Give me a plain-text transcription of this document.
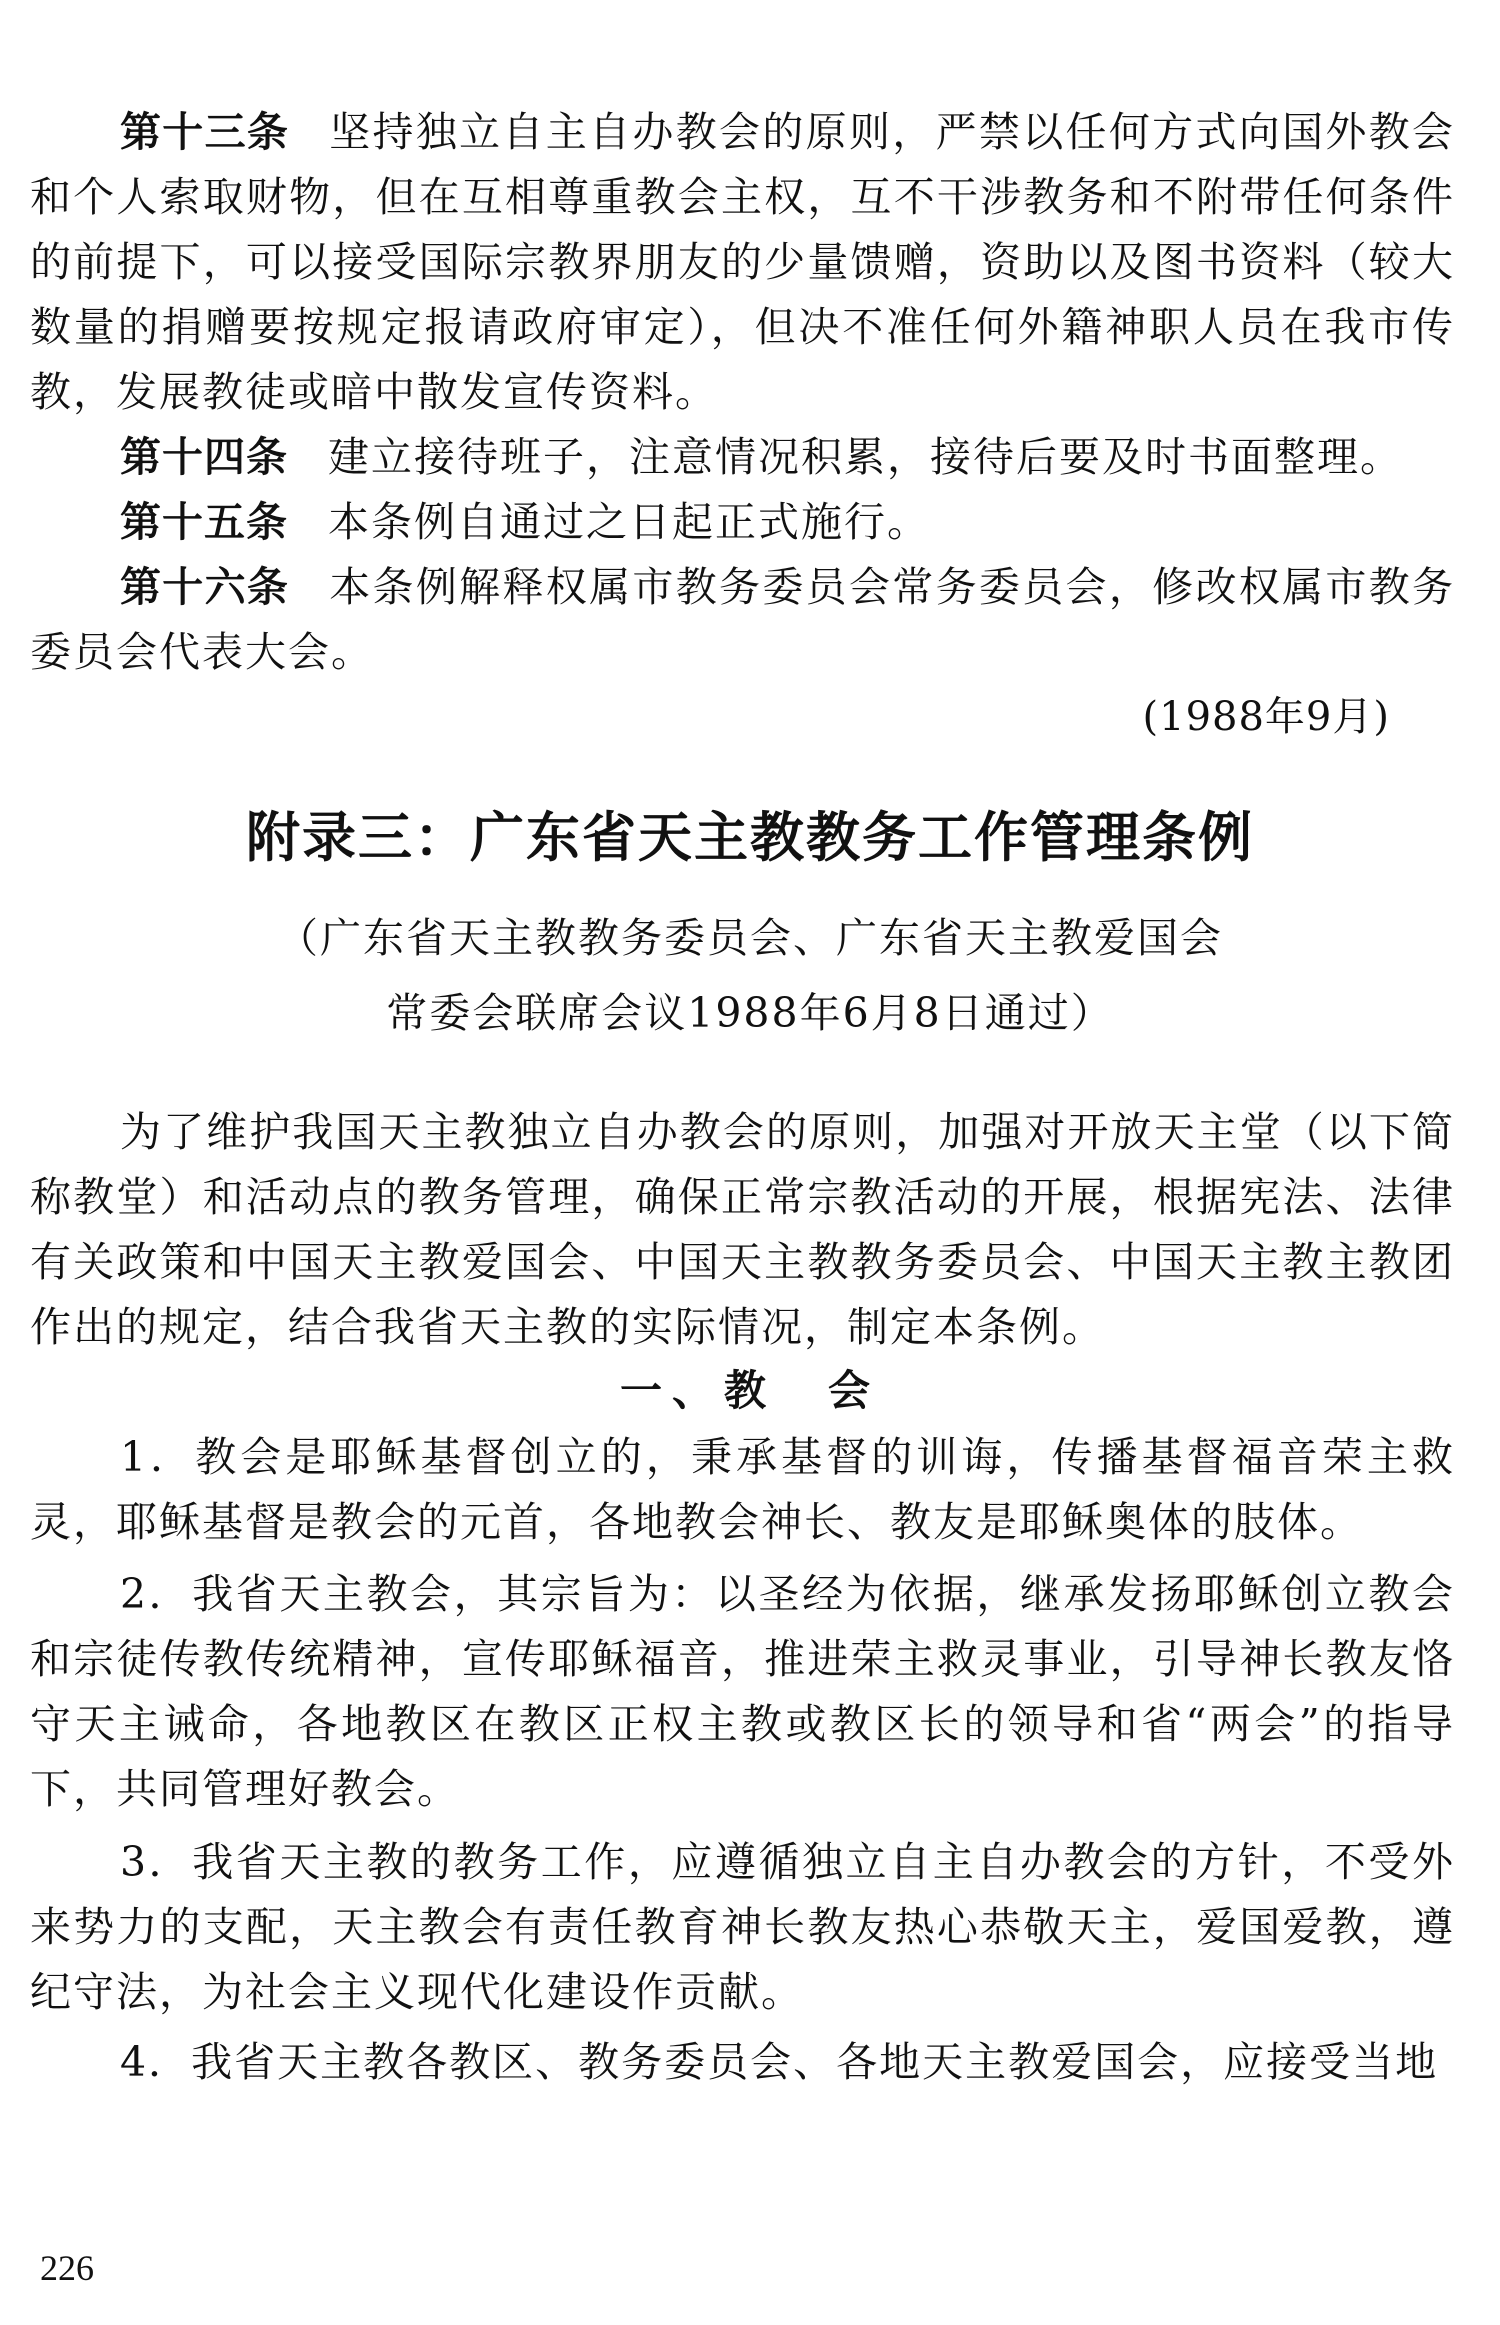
第十三条 坚持独立自主自办教会的原则，严禁以任何方式向国外教会和个人索取财物，但在互相尊重教会主权，互不干涉教务和不附带任何条件的前提下，可以接受国际宗教界朋友的少量馈赠，资助以及图书资料（较大数量的捐赠要按规定报请政府审定），但决不准任何外籍神职人员在我市传教，发展教徒或暗中散发宣传资料。

第十四条 建立接待班子，注意情况积累，接待后要及时书面整理。

第十五条 本条例自通过之日起正式施行。

第十六条 本条例解释权属市教务委员会常务委员会，修改权属市教务委员会代表大会。

(1988年9月)
附录三：广东省天主教教务工作管理条例
（广东省天主教教务委员会、广东省天主教爱国会
常委会联席会议1988年6月8日通过）

为了维护我国天主教独立自办教会的原则，加强对开放天主堂（以下简称教堂）和活动点的教务管理，确保正常宗教活动的开展，根据宪法、法律有关政策和中国天主教爱国会、中国天主教教务委员会、中国天主教主教团作出的规定，结合我省天主教的实际情况，制定本条例。

一、教　会

1．教会是耶稣基督创立的，秉承基督的训诲，传播基督福音荣主救灵，耶稣基督是教会的元首，各地教会神长、教友是耶稣奥体的肢体。

2．我省天主教会，其宗旨为：以圣经为依据，继承发扬耶稣创立教会和宗徒传教传统精神，宣传耶稣福音，推进荣主救灵事业，引导神长教友恪守天主诫命，各地教区在教区正权主教或教区长的领导和省“两会”的指导下，共同管理好教会。

3．我省天主教的教务工作，应遵循独立自主自办教会的方针，不受外来势力的支配，天主教会有责任教育神长教友热心恭敬天主，爱国爱教，遵纪守法，为社会主义现代化建设作贡献。

4．我省天主教各教区、教务委员会、各地天主教爱国会，应接受当地

226
